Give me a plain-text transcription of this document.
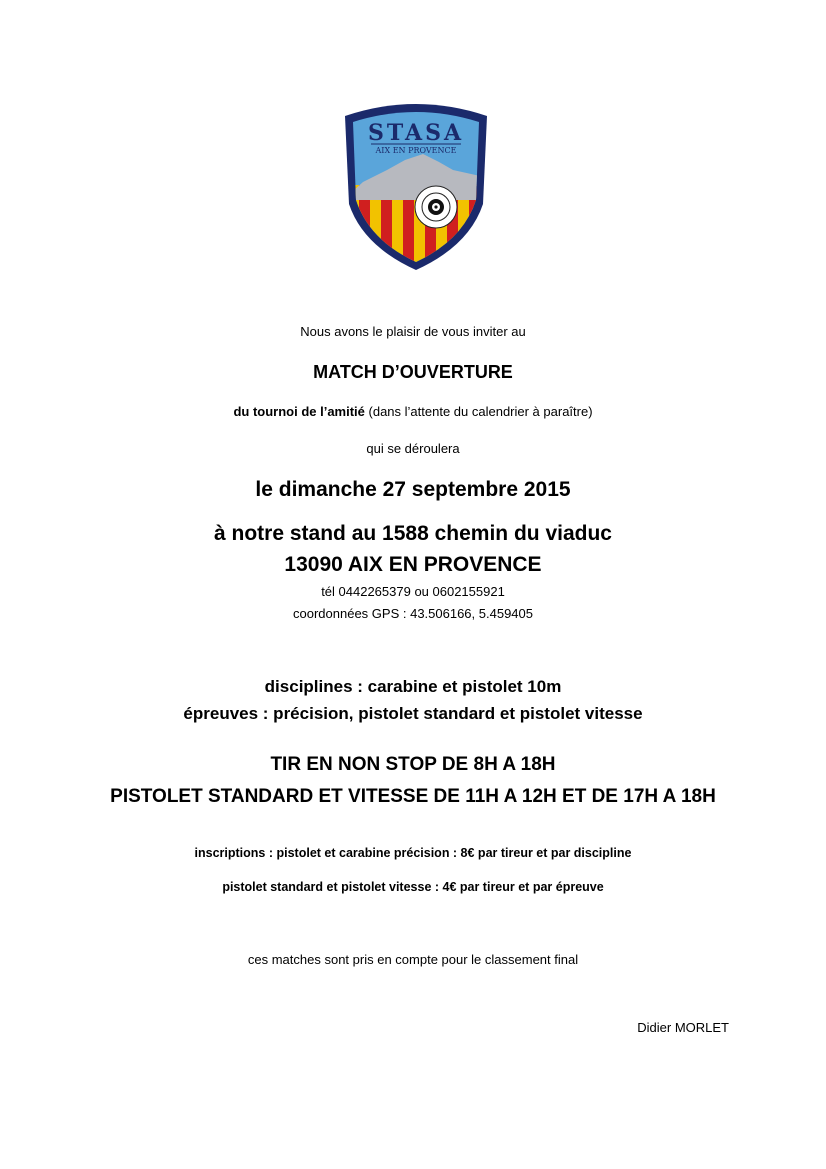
STASA
AIX EN PROVENCE
Nous avons le plaisir de vous inviter au
MATCH D’OUVERTURE
du tournoi de l’amitié (dans l’attente du calendrier à paraître)
qui se déroulera
le dimanche 27 septembre 2015
à notre stand au 1588 chemin du viaduc
13090 AIX EN PROVENCE
tél 0442265379 ou 0602155921
coordonnées GPS : 43.506166, 5.459405
disciplines : carabine et pistolet 10m
épreuves : précision, pistolet standard et pistolet vitesse
TIR EN NON STOP DE 8H A 18H
PISTOLET STANDARD ET VITESSE DE 11H A 12H ET DE 17H A 18H
inscriptions : pistolet et carabine précision : 8€ par tireur et par discipline
pistolet standard et pistolet vitesse : 4€ par tireur et par épreuve
ces matches sont pris en compte pour le classement final
Didier MORLET
